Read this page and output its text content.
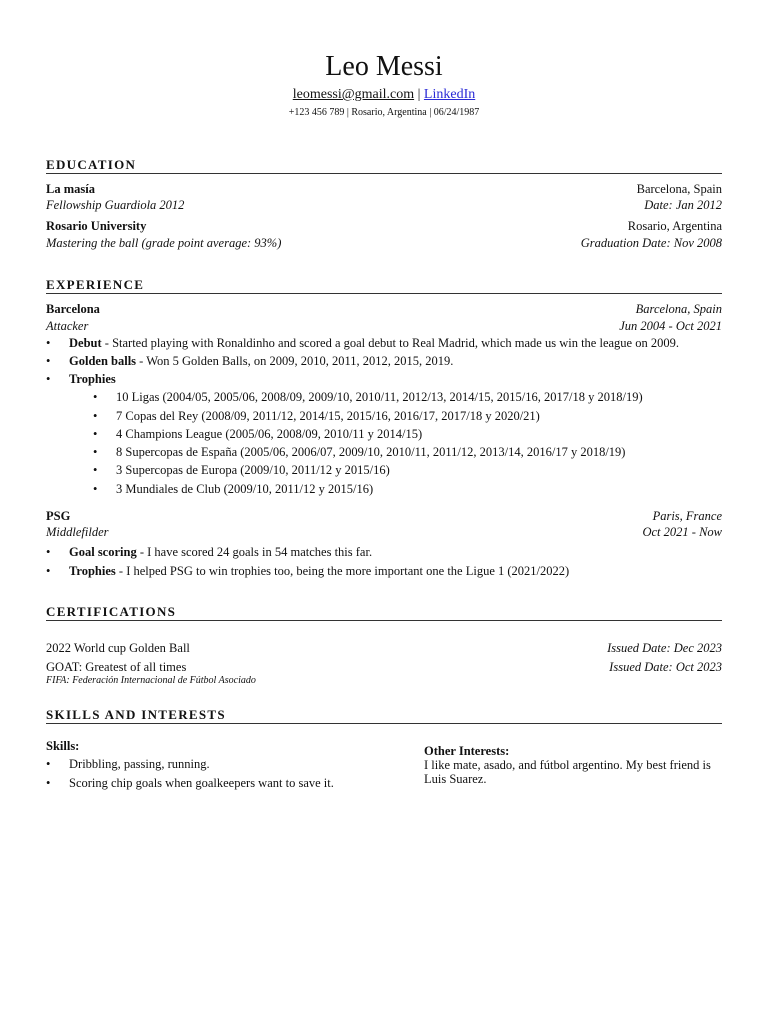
Leo Messi
leomessi@gmail.com | LinkedIn
+123 456 789 | Rosario, Argentina | 06/24/1987
EDUCATION
La masía	Barcelona, Spain
Fellowship Guardiola 2012	Date: Jan 2012
Rosario University	Rosario, Argentina
Mastering the ball (grade point average: 93%)	Graduation Date: Nov 2008
EXPERIENCE
Barcelona	Barcelona, Spain
Attacker	Jun 2004 - Oct 2021
• Debut - Started playing with Ronaldinho and scored a goal debut to Real Madrid, which made us win the league on 2009.
• Golden balls - Won 5 Golden Balls, on 2009, 2010, 2011, 2012, 2015, 2019.
• Trophies
• 10 Ligas (2004/05, 2005/06, 2008/09, 2009/10, 2010/11, 2012/13, 2014/15, 2015/16, 2017/18 y 2018/19)
• 7 Copas del Rey (2008/09, 2011/12, 2014/15, 2015/16, 2016/17, 2017/18 y 2020/21)
• 4 Champions League (2005/06, 2008/09, 2010/11 y 2014/15)
• 8 Supercopas de España (2005/06, 2006/07, 2009/10, 2010/11, 2011/12, 2013/14, 2016/17 y 2018/19)
• 3 Supercopas de Europa (2009/10, 2011/12 y 2015/16)
• 3 Mundiales de Club (2009/10, 2011/12 y 2015/16)
PSG	Paris, France
Middlefilder	Oct 2021 - Now
• Goal scoring - I have scored 24 goals in 54 matches this far.
• Trophies - I helped PSG to win trophies too, being the more important one the Ligue 1 (2021/2022)
CERTIFICATIONS
2022 World cup Golden Ball	Issued Date: Dec 2023
GOAT: Greatest of all times	Issued Date: Oct 2023
FIFA: Federación Internacional de Fútbol Asociado
SKILLS AND INTERESTS
Skills:
• Dribbling, passing, running.
• Scoring chip goals when goalkeepers want to save it.
Other Interests:
I like mate, asado, and fútbol argentino. My best friend is Luis Suarez.
